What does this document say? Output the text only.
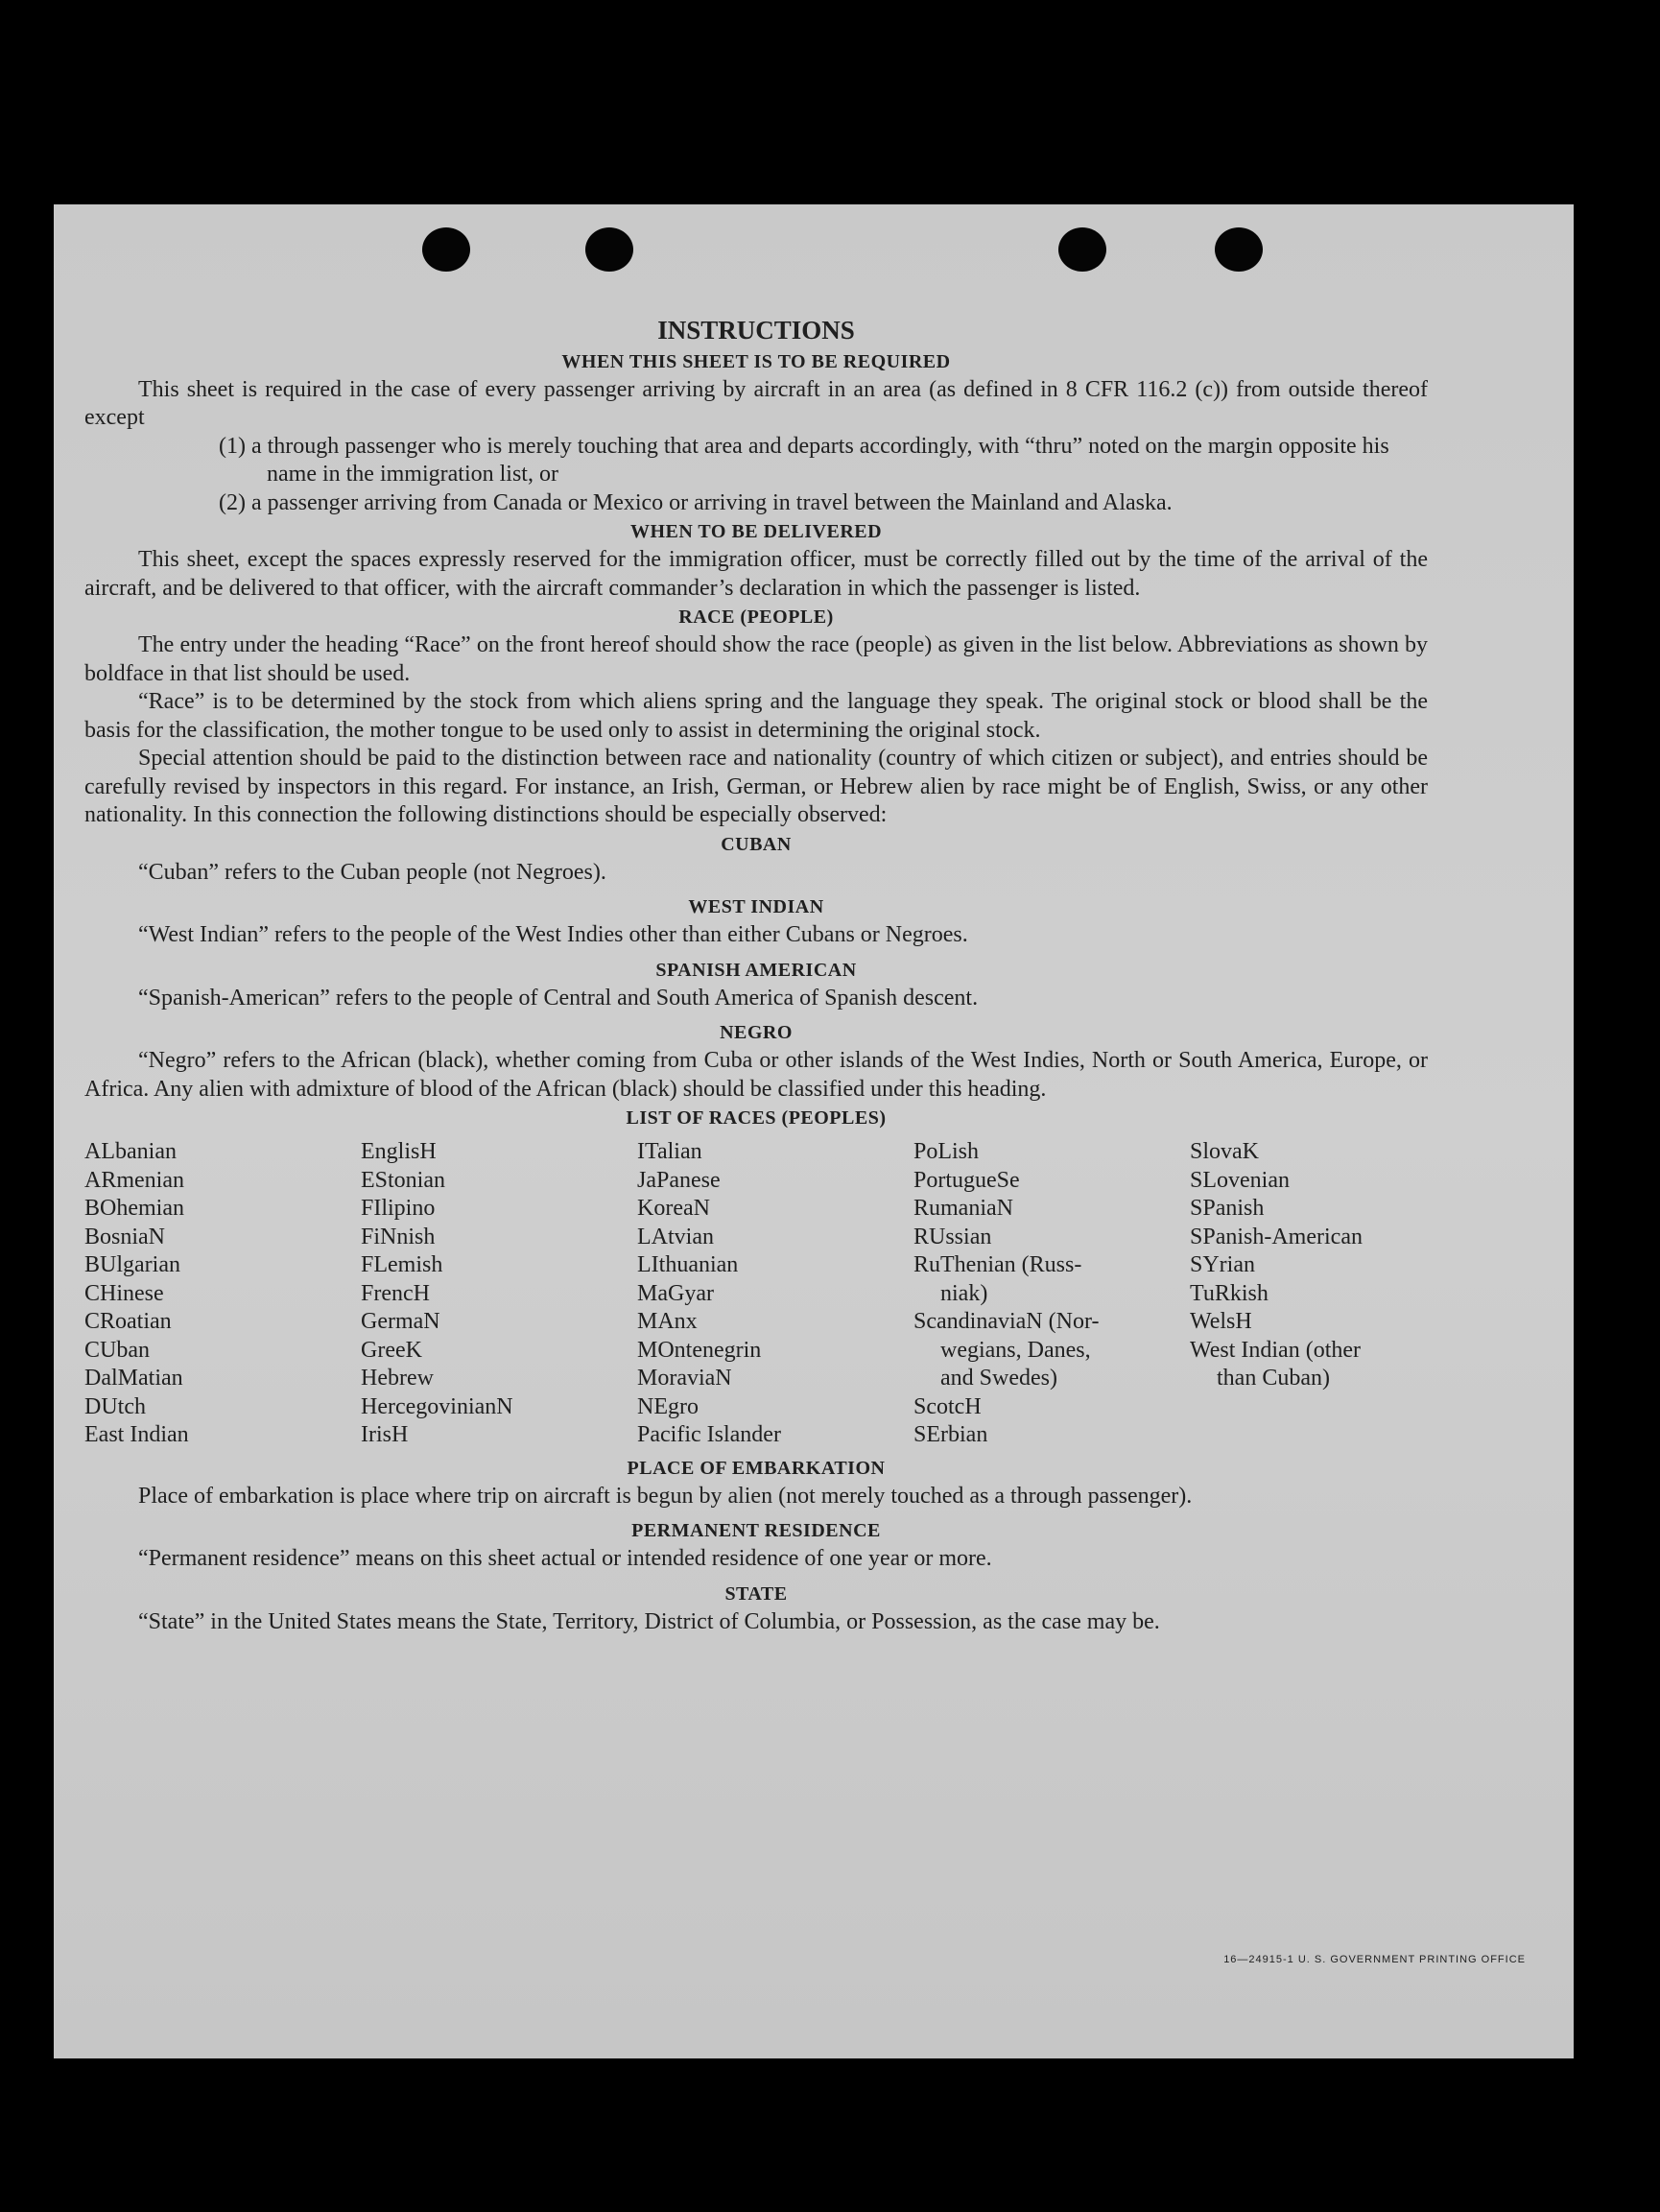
INSTRUCTIONS
WHEN THIS SHEET IS TO BE REQUIRED

This sheet is required in the case of every passenger arriving by aircraft in an area (as defined in 8 CFR 116.2 (c)) from outside thereof except

(1) a through passenger who is merely touching that area and departs accordingly, with “thru” noted on the margin opposite his name in the immigration list, or

(2) a passenger arriving from Canada or Mexico or arriving in travel between the Mainland and Alaska.

WHEN TO BE DELIVERED

This sheet, except the spaces expressly reserved for the immigration officer, must be correctly filled out by the time of the arrival of the aircraft, and be delivered to that officer, with the aircraft commander’s declaration in which the passenger is listed.

RACE (PEOPLE)

The entry under the heading “Race” on the front hereof should show the race (people) as given in the list below. Abbreviations as shown by boldface in that list should be used.

“Race” is to be determined by the stock from which aliens spring and the language they speak. The original stock or blood shall be the basis for the classification, the mother tongue to be used only to assist in determining the original stock.

Special attention should be paid to the distinction between race and nationality (country of which citizen or subject), and entries should be carefully revised by inspectors in this regard. For instance, an Irish, German, or Hebrew alien by race might be of English, Swiss, or any other nationality. In this connection the following distinctions should be especially observed:

CUBAN

“Cuban” refers to the Cuban people (not Negroes).

WEST INDIAN

“West Indian” refers to the people of the West Indies other than either Cubans or Negroes.

SPANISH AMERICAN

“Spanish-American” refers to the people of Central and South America of Spanish descent.

NEGRO

“Negro” refers to the African (black), whether coming from Cuba or other islands of the West Indies, North or South America, Europe, or Africa. Any alien with admixture of blood of the African (black) should be classified under this heading.

LIST OF RACES (PEOPLES)
ALbanian
ARmenian
BOhemian
BosniaN
BUlgarian
CHinese
CRoatian
CUban
DalMatian
DUtch
East Indian
EnglisH
EStonian
FIlipino
FiNnish
FLemish
FrencH
GermaN
GreeK
Hebrew
HercegovinianN
IrisH
ITalian
JaPanese
KoreaN
LAtvian
LIthuanian
MaGyar
MAnx
MOntenegrin
MoraviaN
NEgro
Pacific Islander
PoLish
PortugueSe
RumaniaN
RUssian
RuThenian (Russ-
niak)
ScandinaviaN (Nor-
wegians, Danes,
and Swedes)
ScotcH
SErbian
SlovaK
SLovenian
SPanish
SPanish-American
SYrian
TuRkish
WelsH
West Indian (other
than Cuban)
PLACE OF EMBARKATION

Place of embarkation is place where trip on aircraft is begun by alien (not merely touched as a through passenger).

PERMANENT RESIDENCE

“Permanent residence” means on this sheet actual or intended residence of one year or more.

STATE

“State” in the United States means the State, Territory, District of Columbia, or Possession, as the case may be.

16—24915-1 U. S. GOVERNMENT PRINTING OFFICE
